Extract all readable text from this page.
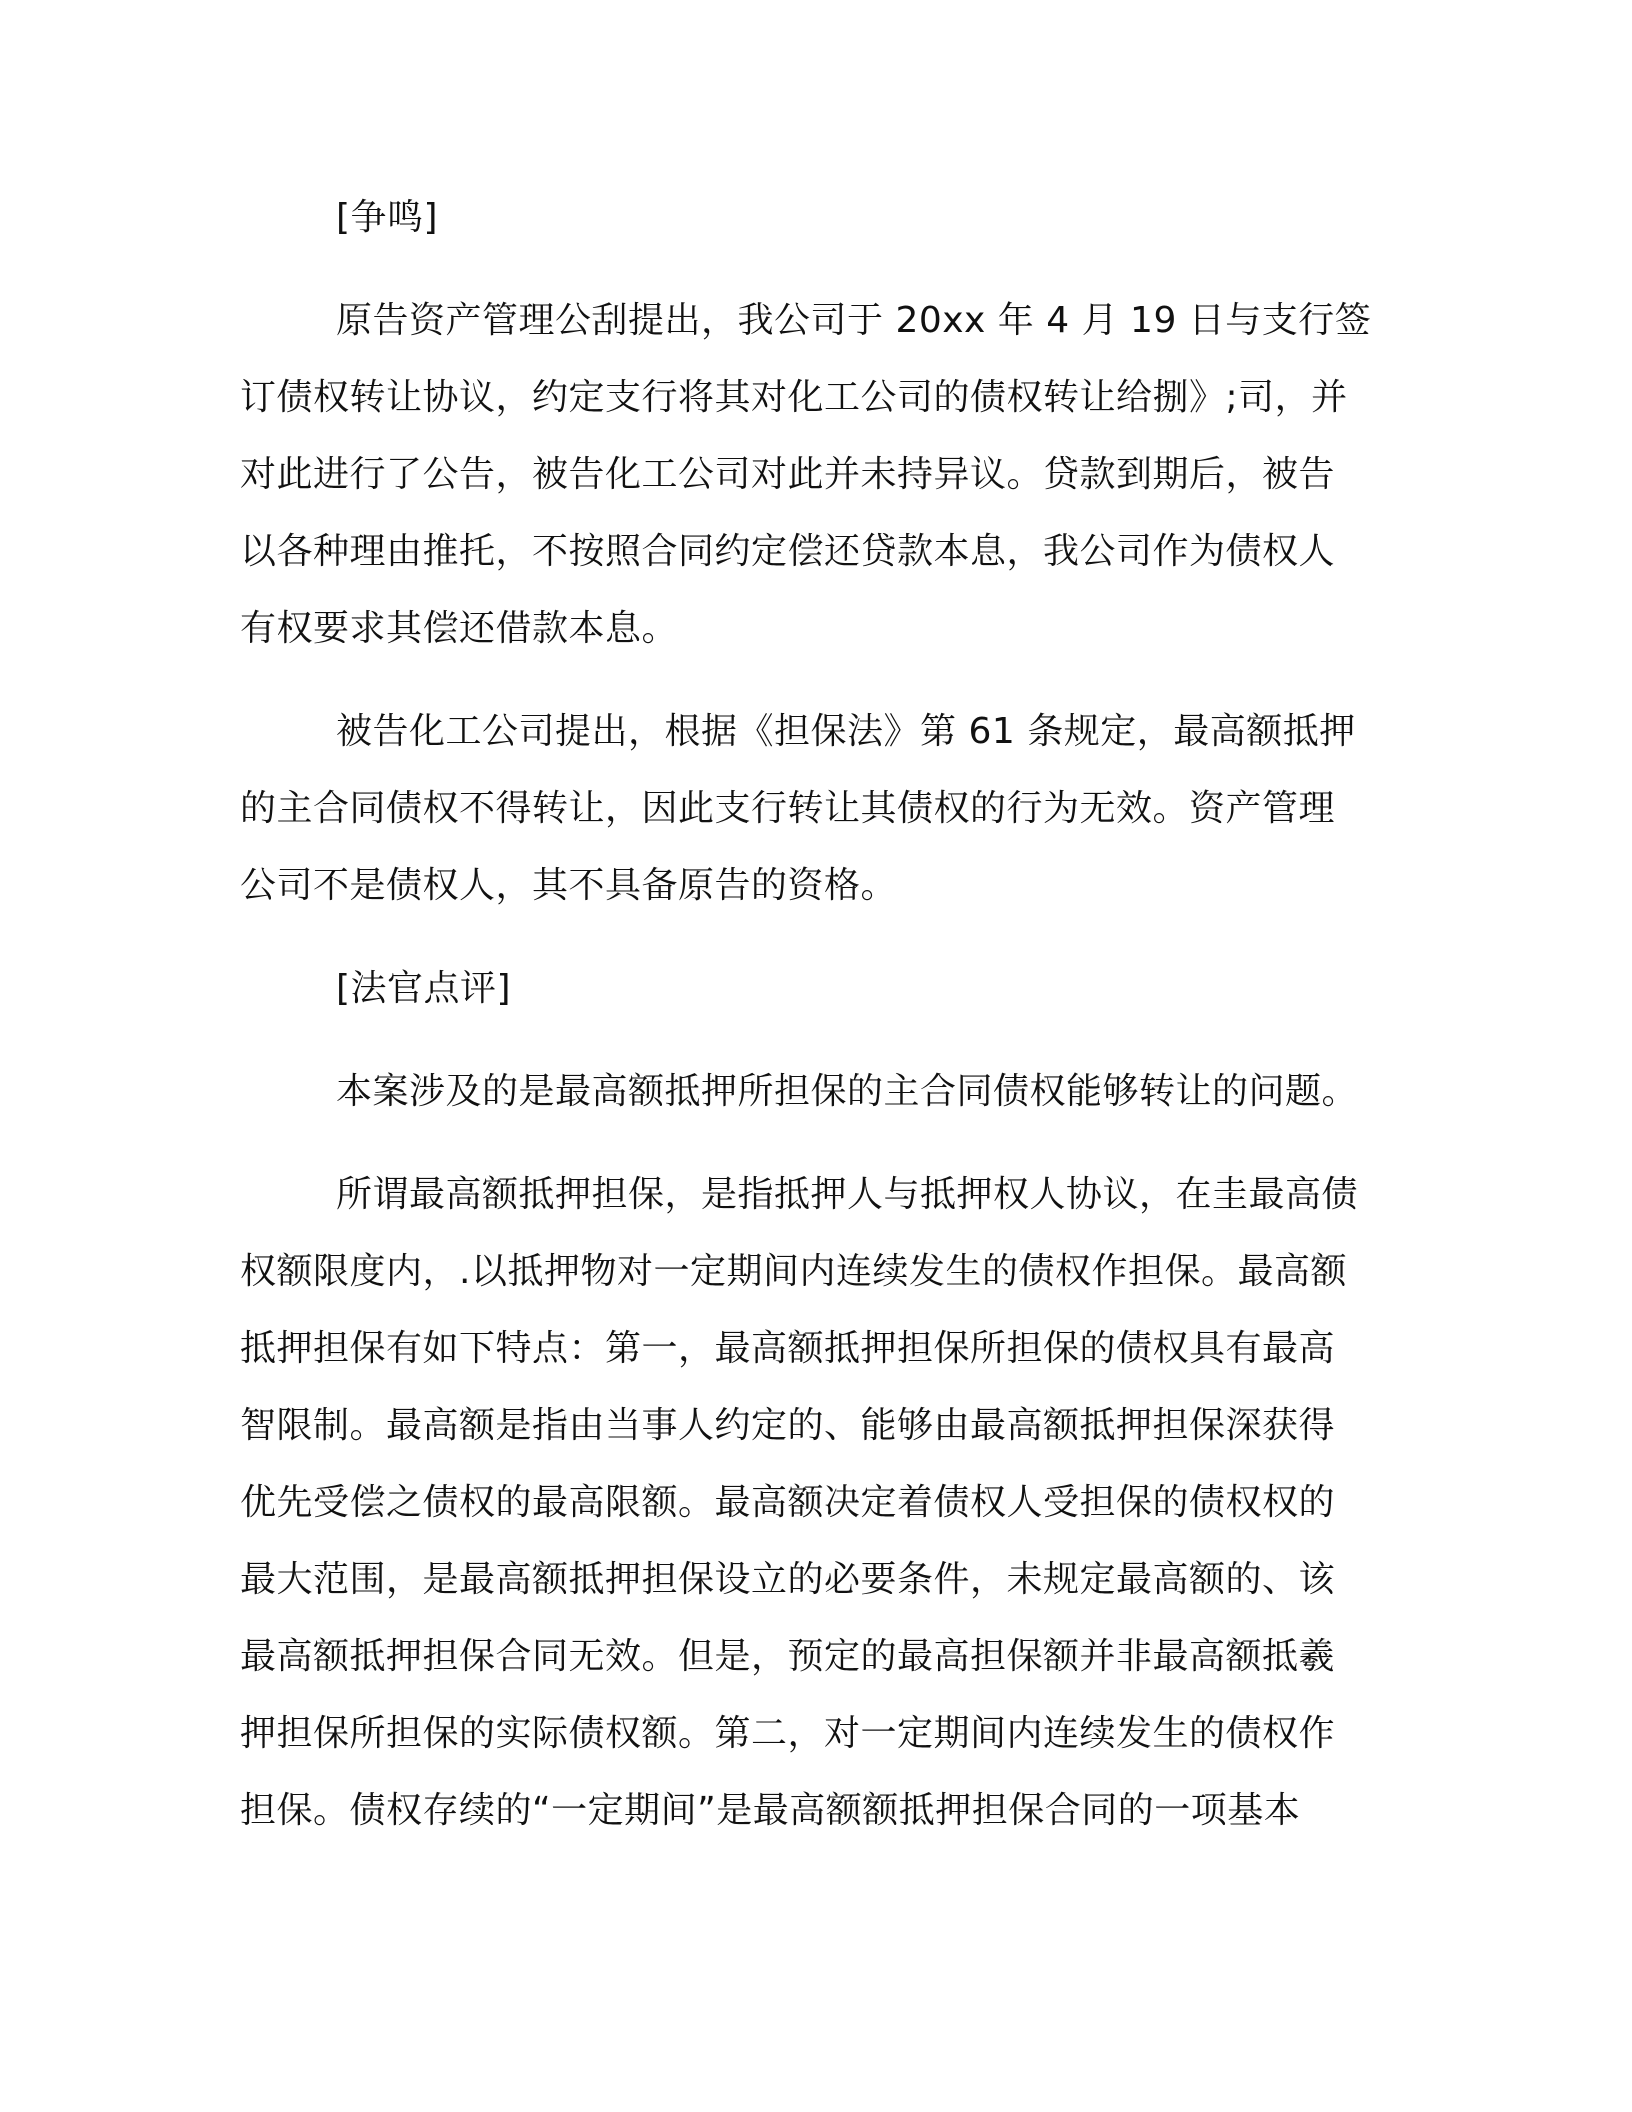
[争鸣]

原告资产管理公刮提出，我公司于 20xx 年 4 月 19 日与支行签

订债权转让协议，约定支行将其对化工公司的债权转让给捌》;司，并

对此进行了公告，被告化工公司对此并未持异议。贷款到期后，被告

以各种理由推托，不按照合同约定偿还贷款本息，我公司作为债权人

有权要求其偿还借款本息。

被告化工公司提出，根据《担保法》第 61 条规定，最高额抵押

的主合同债权不得转让，因此支行转让其债权的行为无效。资产管理

公司不是债权人，其不具备原告的资格。

[法官点评]

本案涉及的是最高额抵押所担保的主合同债权能够转让的问题。

所谓最高额抵押担保，是指抵押人与抵押权人协议，在圭最高债

权额限度内，.以抵押物对一定期间内连续发生的债权作担保。最高额

抵押担保有如下特点：第一，最高额抵押担保所担保的债权具有最高

智限制。最高额是指由当事人约定的、能够由最高额抵押担保深获得

优先受偿之债权的最高限额。最高额决定着债权人受担保的债权权的

最大范围，是最高额抵押担保设立的必要条件，未规定最高额的、该

最高额抵押担保合同无效。但是，预定的最高担保额并非最高额抵羲

押担保所担保的实际债权额。第二，对一定期间内连续发生的债权作

担保。债权存续的“一定期间”是最高额额抵押担保合同的一项基本
